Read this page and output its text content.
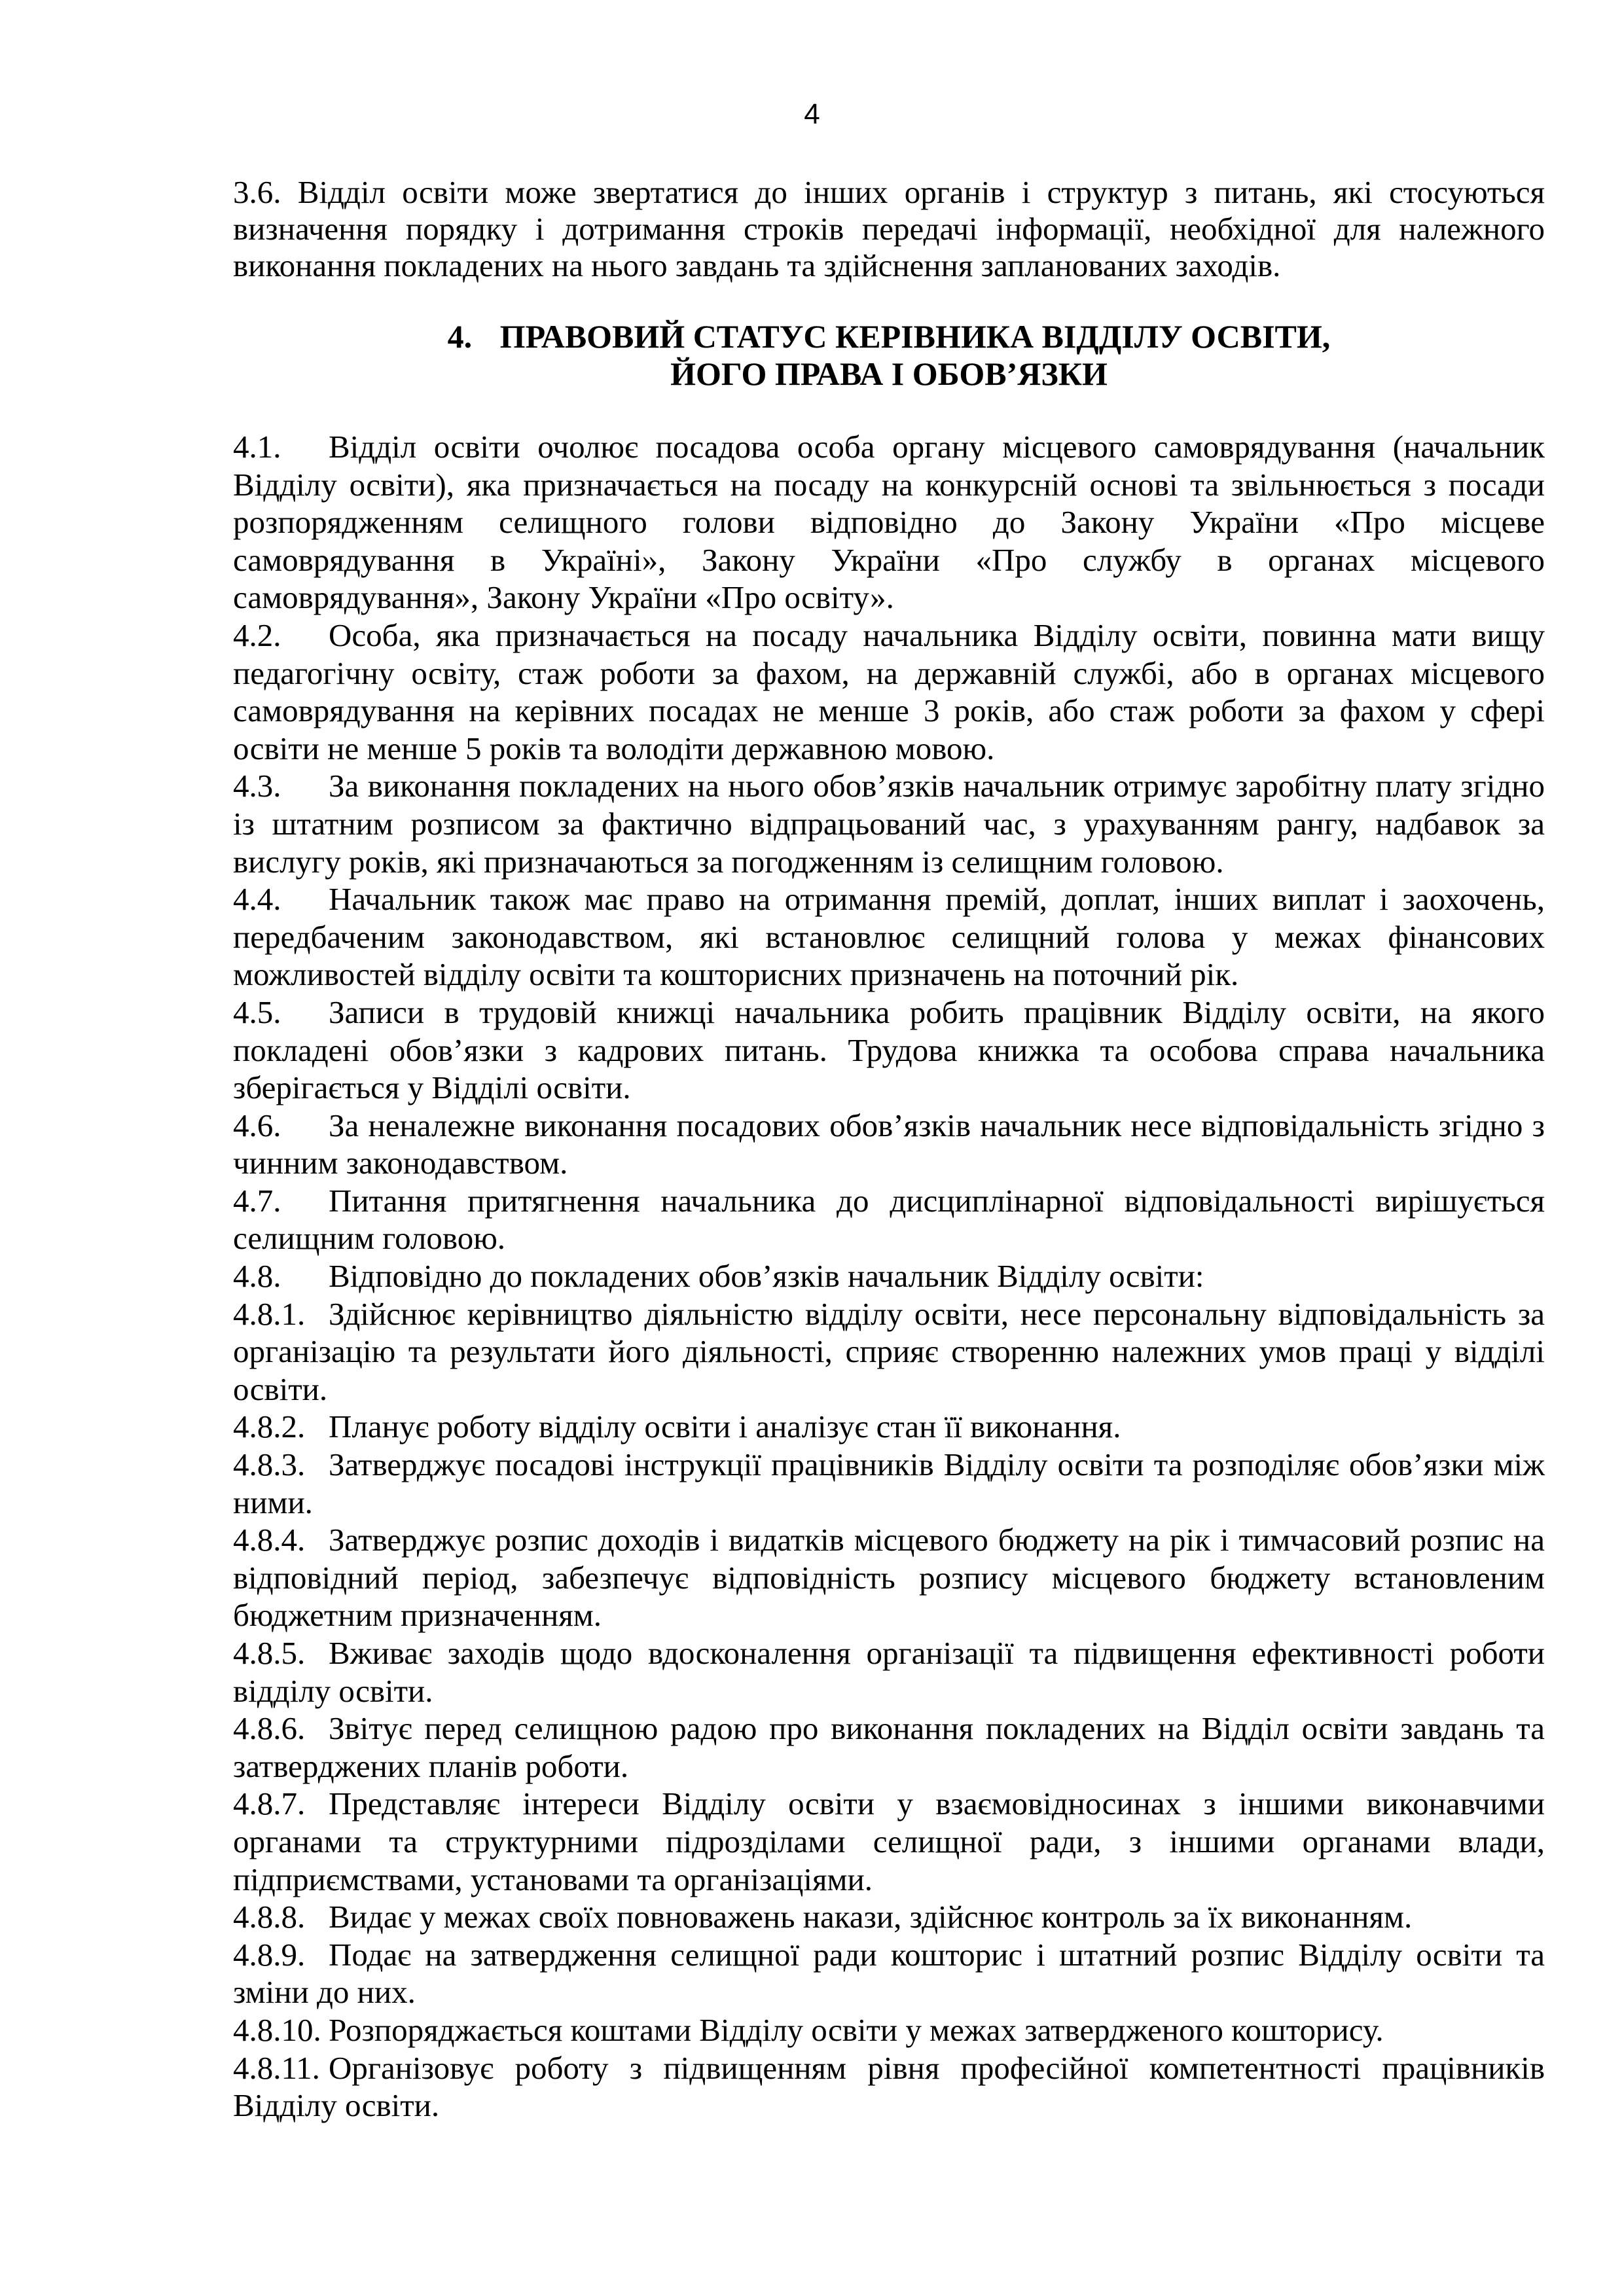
4

3.6. Відділ освіти може звертатися до інших органів і структур з питань, які стосуються визначення порядку і дотримання строків передачі інформації, необхідної для належного виконання покладених на нього завдань та здійснення запланованих заходів.

4. ПРАВОВИЙ СТАТУС КЕРІВНИКА ВІДДІЛУ ОСВІТИ,
ЙОГО ПРАВА І ОБОВ’ЯЗКИ

4.1. Відділ освіти очолює посадова особа органу місцевого самоврядування (начальник Відділу освіти), яка призначається на посаду на конкурсній основі та звільнюється з посади розпорядженням селищного голови відповідно до Закону України «Про місцеве самоврядування в Україні», Закону України «Про службу в органах місцевого самоврядування», Закону України «Про освіту».

4.2. Особа, яка призначається на посаду начальника Відділу освіти, повинна мати вищу педагогічну освіту, стаж роботи за фахом, на державній службі, або в органах місцевого самоврядування на керівних посадах не менше 3 років, або стаж роботи за фахом у сфері освіти не менше 5 років та володіти державною мовою.

4.3. За виконання покладених на нього обов’язків начальник отримує заробітну плату згідно із штатним розписом за фактично відпрацьований час, з урахуванням рангу, надбавок за вислугу років, які призначаються за погодженням із селищним головою.

4.4. Начальник також має право на отримання премій, доплат, інших виплат і заохочень, передбаченим законодавством, які встановлює селищний голова у межах фінансових можливостей відділу освіти та кошторисних призначень на поточний рік.

4.5. Записи в трудовій книжці начальника робить працівник Відділу освіти, на якого покладені обов’язки з кадрових питань. Трудова книжка та особова справа начальника зберігається у Відділі освіти.

4.6. За неналежне виконання посадових обов’язків начальник несе відповідальність згідно з чинним законодавством.

4.7. Питання притягнення начальника до дисциплінарної відповідальності вирішується селищним головою.

4.8. Відповідно до покладених обов’язків начальник Відділу освіти:

4.8.1. Здійснює керівництво діяльністю відділу освіти, несе персональну відповідальність за організацію та результати його діяльності, сприяє створенню належних умов праці у відділі освіти.

4.8.2. Планує роботу відділу освіти і аналізує стан її виконання.

4.8.3. Затверджує посадові інструкції працівників Відділу освіти та розподіляє обов’язки між ними.

4.8.4. Затверджує розпис доходів і видатків місцевого бюджету на рік і тимчасовий розпис на відповідний період, забезпечує відповідність розпису місцевого бюджету встановленим бюджетним призначенням.

4.8.5. Вживає заходів щодо вдосконалення організації та підвищення ефективності роботи відділу освіти.

4.8.6. Звітує перед селищною радою про виконання покладених на Відділ освіти завдань та затверджених планів роботи.

4.8.7. Представляє інтереси Відділу освіти у взаємовідносинах з іншими виконавчими органами та структурними підрозділами селищної ради, з іншими органами влади, підприємствами, установами та організаціями.

4.8.8. Видає у межах своїх повноважень накази, здійснює контроль за їх виконанням.

4.8.9. Подає на затвердження селищної ради кошторис і штатний розпис Відділу освіти та зміни до них.

4.8.10. Розпоряджається коштами Відділу освіти у межах затвердженого кошторису.

4.8.11. Організовує роботу з підвищенням рівня професійної компетентності працівників Відділу освіти.
